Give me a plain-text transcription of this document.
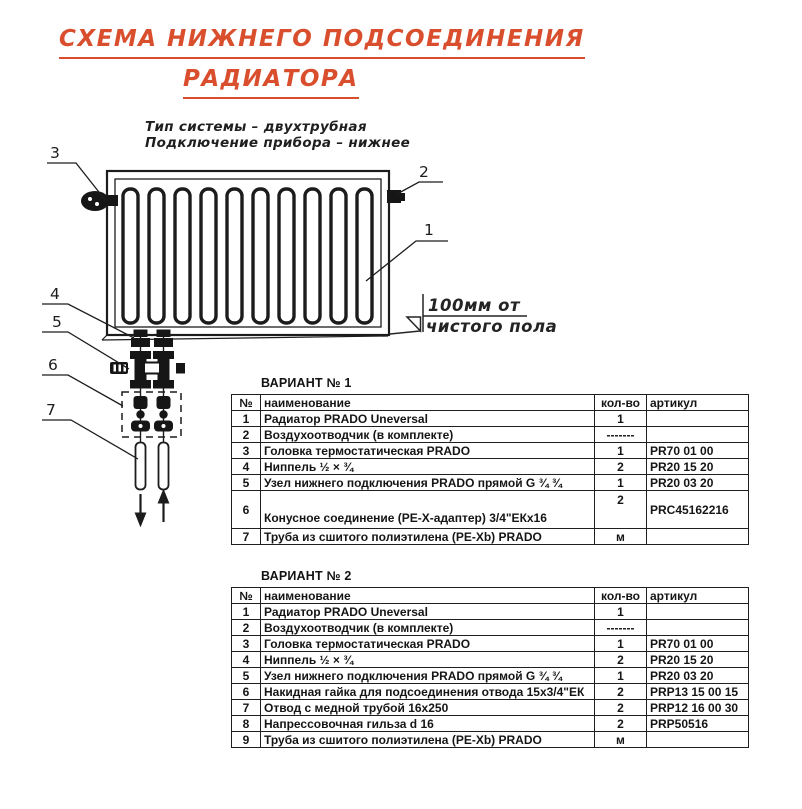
СХЕМА НИЖНЕГО ПОДСОЕДИНЕНИЯ
РАДИАТОРА
Тип системы – двухтрубная
Подключение прибора – нижнее
1
2
3
4
5
6
7
100мм от
чистого пола
ВАРИАНТ № 1
№	наименование	кол-во	артикул
1	Радиатор PRADO Uneversal	1	
2	Воздухоотводчик (в комплекте)	-------	
3	Головка термостатическая PRADO	1	PR70 01 00
4	Ниппель ½ × ¾	2	PR20 15 20
5	Узел нижнего подключения PRADO прямой G ¾ ¾	1	PR20 03 20
6	Конусное соединение (PE-X-адаптер) 3/4"ЕКх16	2	PRC45162216
7	Труба из сшитого полиэтилена (PE-Xb) PRADO	м	
ВАРИАНТ № 2
№	наименование	кол-во	артикул
1	Радиатор PRADO Uneversal	1	
2	Воздухоотводчик (в комплекте)	-------	
3	Головка термостатическая PRADO	1	PR70 01 00
4	Ниппель ½ × ¾	2	PR20 15 20
5	Узел нижнего подключения PRADO прямой G ¾ ¾	1	PR20 03 20
6	Накидная гайка для подсоединения отвода 15х3/4"ЕК	2	PRP13 15 00 15
7	Отвод с медной трубой 16х250	2	PRP12 16 00 30
8	Напрессовочная гильза d 16	2	PRP50516
9	Труба из сшитого полиэтилена (PE-Xb) PRADO	м	
